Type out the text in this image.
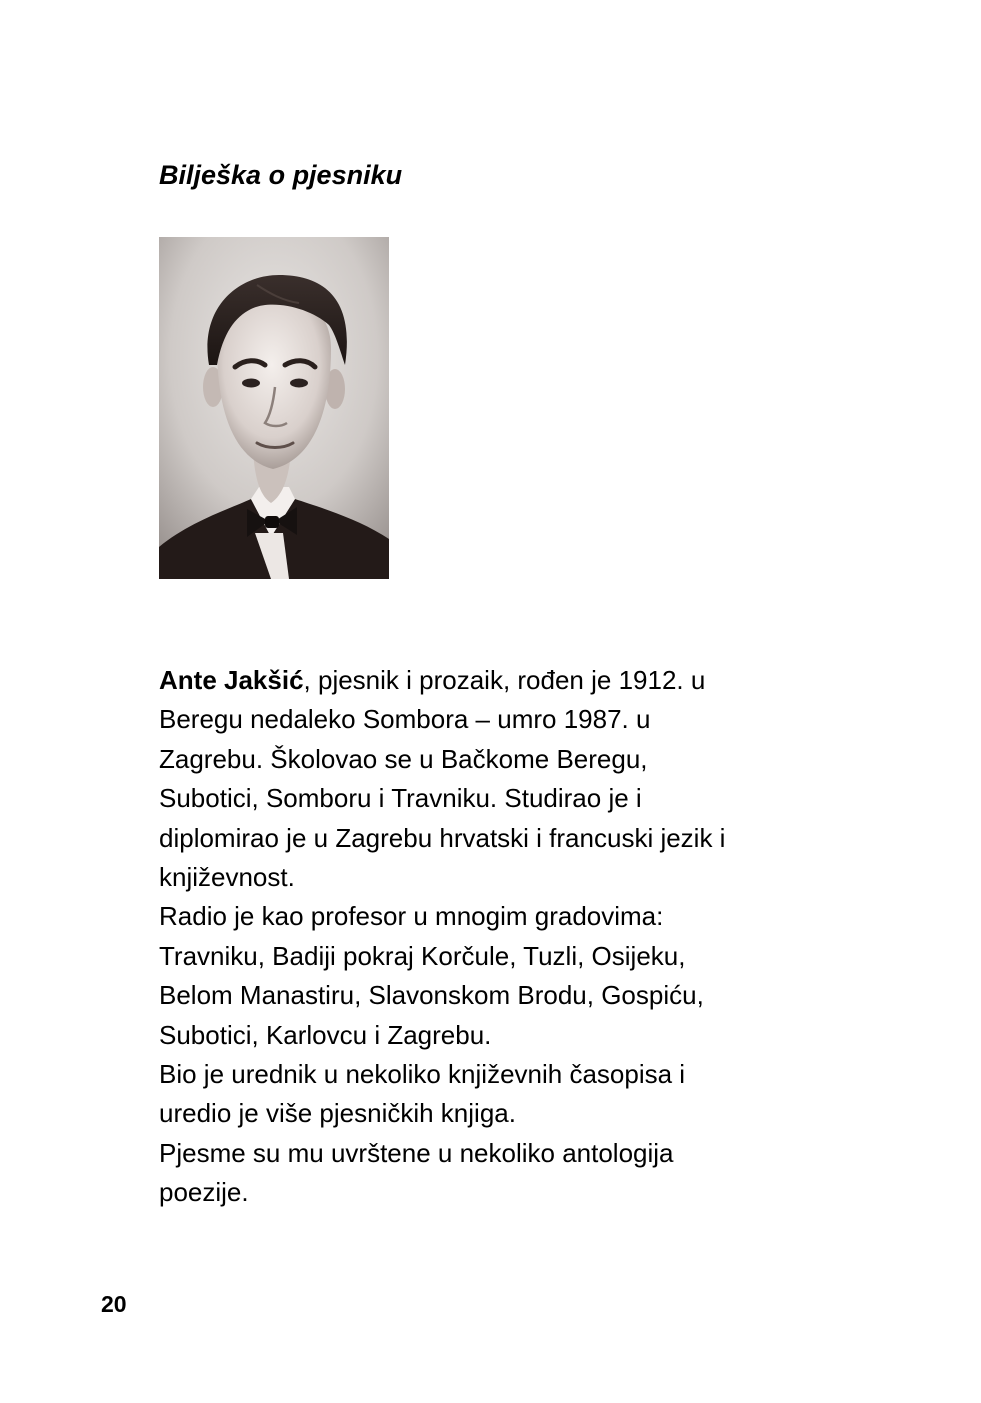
Bilješka o pjesniku
Ante Jakšić, pjesnik i prozaik, rođen je 1912. u
Beregu nedaleko Sombora – umro 1987. u
Zagrebu. Školovao se u Bačkome Beregu,
Subotici, Somboru i Travniku. Studirao je i
diplomirao je u Zagrebu hrvatski i francuski jezik i
književnost.
Radio je kao profesor u mnogim gradovima:
Travniku, Badiji pokraj Korčule, Tuzli, Osijeku,
Belom Manastiru, Slavonskom Brodu, Gospiću,
Subotici, Karlovcu i Zagrebu.
Bio je urednik u nekoliko književnih časopisa i
uredio je više pjesničkih knjiga.
Pjesme su mu uvrštene u nekoliko antologija
poezije.

20
